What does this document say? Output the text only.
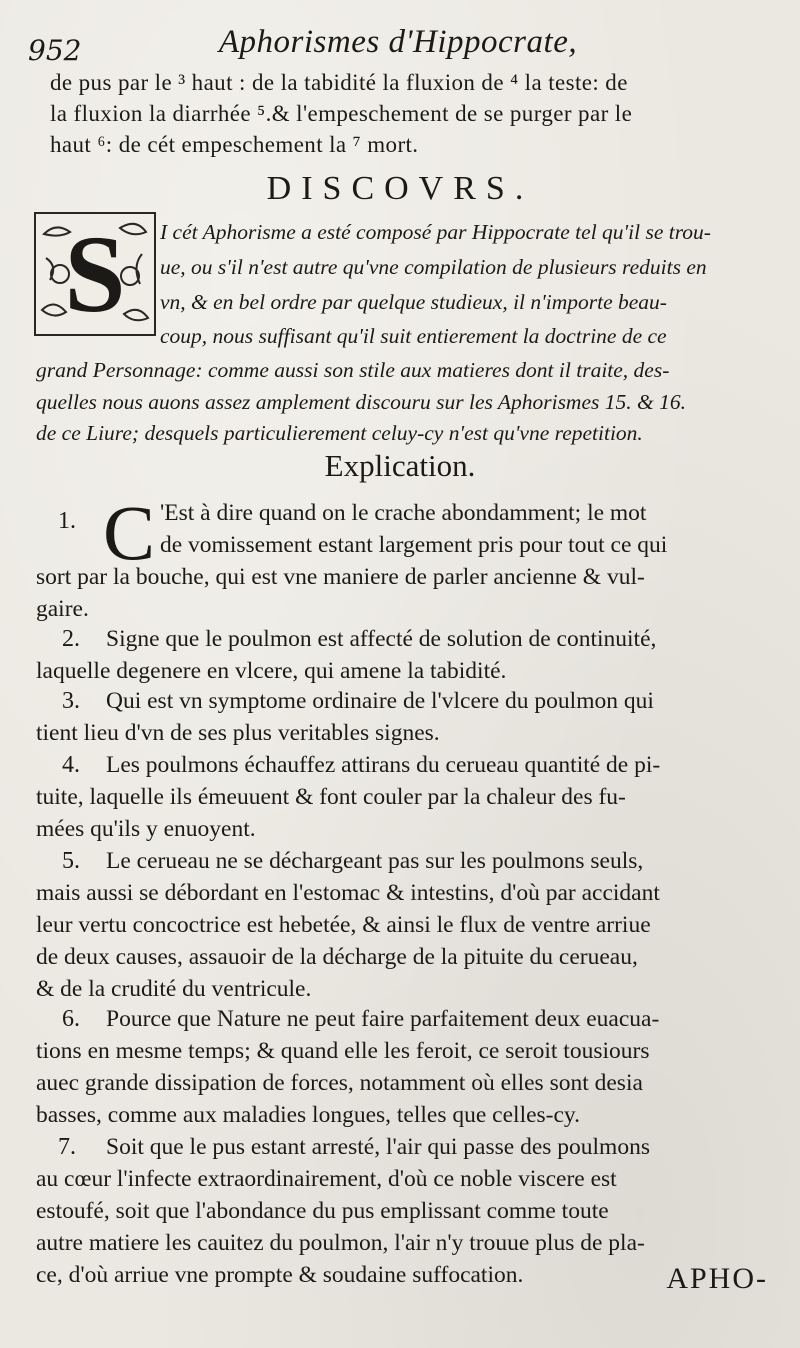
952	Aphorismes d'Hippocrate,
de pus par le ³ haut : de la tabidité la fluxion de ⁴ la teste: de
la fluxion la diarrhée ⁵.& l'empeschement de se purger par le
haut ⁶: de cét empeschement la ⁷ mort.
DISCOVRS.
S	I cét Aphorisme a esté composé par Hippocrate tel qu'il se trou-
ue, ou s'il n'est autre qu'vne compilation de plusieurs reduits en
vn, & en bel ordre par quelque studieux, il n'importe beau-
coup, nous suffisant qu'il suit entierement la doctrine de ce
grand Personnage: comme aussi son stile aux matieres dont il traite, des-
quelles nous auons assez amplement discouru sur les Aphorismes 15. & 16.
de ce Liure; desquels particulierement celuy-cy n'est qu'vne repetition.
Explication.
1. C 'Est à dire quand on le crache abondamment; le mot
de vomissement estant largement pris pour tout ce qui
sort par la bouche, qui est vne maniere de parler ancienne & vul-
gaire.
2. Signe que le poulmon est affecté de solution de continuité,
laquelle degenere en vlcere, qui amene la tabidité.
3. Qui est vn symptome ordinaire de l'vlcere du poulmon qui
tient lieu d'vn de ses plus veritables signes.
4. Les poulmons échauffez attirans du cerueau quantité de pi-
tuite, laquelle ils émeuuent & font couler par la chaleur des fu-
mées qu'ils y enuoyent.
5. Le cerueau ne se déchargeant pas sur les poulmons seuls,
mais aussi se débordant en l'estomac & intestins, d'où par accidant
leur vertu concoctrice est hebetée, & ainsi le flux de ventre arriue
de deux causes, assauoir de la décharge de la pituite du cerueau,
& de la crudité du ventricule.
6. Pource que Nature ne peut faire parfaitement deux euacua-
tions en mesme temps; & quand elle les feroit, ce seroit tousiours
auec grande dissipation de forces, notamment où elles sont desia
basses, comme aux maladies longues, telles que celles-cy.
7. Soit que le pus estant arresté, l'air qui passe des poulmons
au cœur l'infecte extraordinairement, d'où ce noble viscere est
estoufé, soit que l'abondance du pus emplissant comme toute
autre matiere les cauitez du poulmon, l'air n'y trouue plus de pla-
ce, d'où arriue vne prompte & soudaine suffocation.	APHO-
